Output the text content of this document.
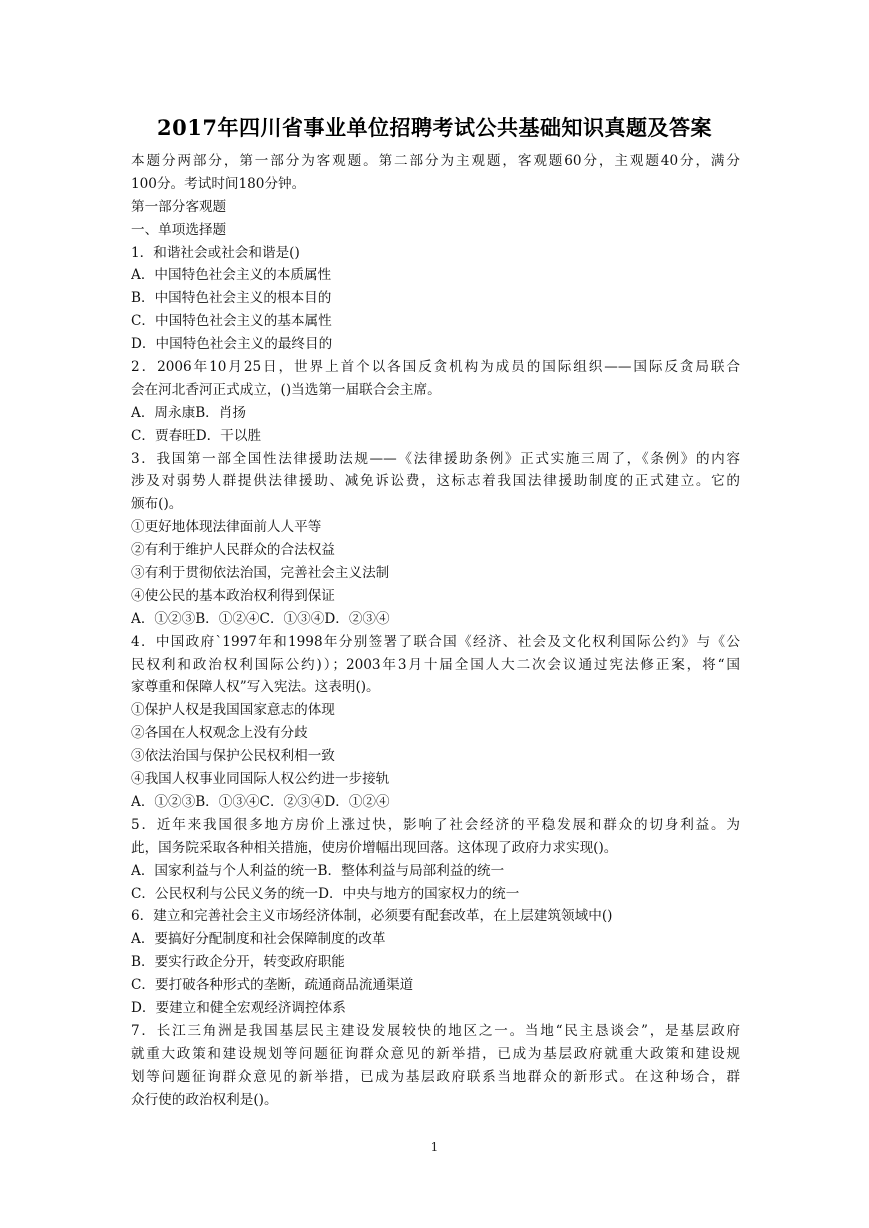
2017年四川省事业单位招聘考试公共基础知识真题及答案
本题分两部分，第一部分为客观题。第二部分为主观题，客观题60分，主观题40分，满分
100分。考试时间180分钟。
第一部分客观题
一、单项选择题
1．和谐社会或社会和谐是()
A．中国特色社会主义的本质属性
B．中国特色社会主义的根本目的
C．中国特色社会主义的基本属性
D．中国特色社会主义的最终目的
2．2006年10月25日，世界上首个以各国反贪机构为成员的国际组织——国际反贪局联合
会在河北香河正式成立，()当选第一届联合会主席。
A．周永康B．肖扬
C．贾春旺D．干以胜
3．我国第一部全国性法律援助法规——《法律援助条例》正式实施三周了，《条例》的内容
涉及对弱势人群提供法律援助、减免诉讼费，这标志着我国法律援助制度的正式建立。它的
颁布()。
①更好地体现法律面前人人平等
②有利于维护人民群众的合法权益
③有利于贯彻依法治国，完善社会主义法制
④使公民的基本政治权利得到保证
A．①②③B．①②④C．①③④D．②③④
4．中国政府`1997年和1998年分别签署了联合国《经济、社会及文化权利国际公约》与《公
民权利和政治权利国际公约)）；2003年3月十届全国人大二次会议通过宪法修正案，将“国
家尊重和保障人权”写入宪法。这表明()。
①保护人权是我国国家意志的体现
②各国在人权观念上没有分歧
③依法治国与保护公民权利相一致
④我国人权事业同国际人权公约进一步接轨
A．①②③B．①③④C．②③④D．①②④
5．近年来我国很多地方房价上涨过快，影响了社会经济的平稳发展和群众的切身利益。为
此，国务院采取各种相关措施，使房价增幅出现回落。这体现了政府力求实现()。
A．国家利益与个人利益的统一B．整体利益与局部利益的统一
C．公民权利与公民义务的统一D．中央与地方的国家权力的统一
6．建立和完善社会主义市场经济体制，必须要有配套改革，在上层建筑领域中()
A．要搞好分配制度和社会保障制度的改革
B．要实行政企分开，转变政府职能
C．要打破各种形式的垄断，疏通商品流通渠道
D．要建立和健全宏观经济调控体系
7．长江三角洲是我国基层民主建设发展较快的地区之一。当地“民主恳谈会”，是基层政府
就重大政策和建设规划等问题征询群众意见的新举措，已成为基层政府就重大政策和建设规
划等问题征询群众意见的新举措，已成为基层政府联系当地群众的新形式。在这种场合，群
众行使的政治权利是()。
1
